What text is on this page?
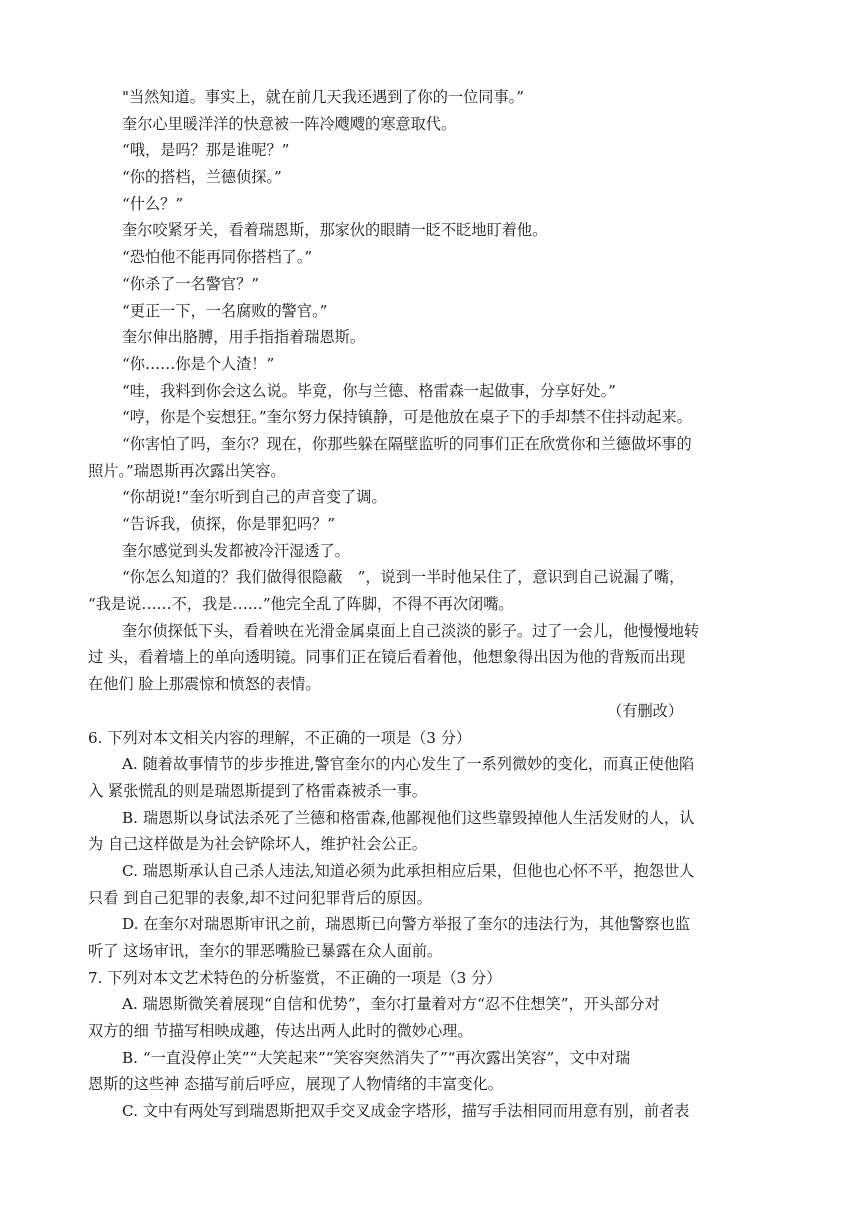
"当然知道。事实上，就在前几天我还遇到了你的一位同事。”
奎尔心里暖洋洋的快意被一阵冷飕飕的寒意取代。
“哦，是吗？那是谁呢？”
“你的搭档，兰德侦探。”
“什么？”
奎尔咬紧牙关，看着瑞恩斯，那家伙的眼睛一眨不眨地盯着他。
“恐怕他不能再同你搭档了。”
“你杀了一名警官？”
“更正一下，一名腐败的警官。”
奎尔伸出胳膊，用手指指着瑞恩斯。
“你……你是个人渣！”
“哇，我料到你会这么说。毕竟，你与兰德、格雷森一起做事，分享好处。”
“哼，你是个妄想狂。”奎尔努力保持镇静，可是他放在桌子下的手却禁不住抖动起来。
“你害怕了吗，奎尔？现在，你那些躲在隔壁监听的同事们正在欣赏你和兰德做坏事的
照片。”瑞恩斯再次露出笑容。
“你胡说!”奎尔听到自己的声音变了调。
“告诉我，侦探，你是罪犯吗？”
奎尔感觉到头发都被冷汗湿透了。
“你怎么知道的？我们做得很隐蔽　”，说到一半时他呆住了，意识到自己说漏了嘴，
“我是说……不，我是……”他完全乱了阵脚，不得不再次闭嘴。
奎尔侦探低下头，看着映在光滑金属桌面上自己淡淡的影子。过了一会儿，他慢慢地转
过 头，看着墙上的单向透明镜。同事们正在镜后看着他，他想象得出因为他的背叛而出现
在他们 脸上那震惊和愤怒的表情。
（有删改）
6. 下列对本文相关内容的理解，不正确的一项是（3 分）
A. 随着故事情节的步步推进,警官奎尔的内心发生了一系列微妙的变化，而真正使他陷
入 紧张慌乱的则是瑞恩斯提到了格雷森被杀一事。
B. 瑞恩斯以身试法杀死了兰德和格雷森,他鄙视他们这些靠毁掉他人生活发财的人，认
为 自己这样做是为社会铲除坏人，维护社会公正。
C. 瑞恩斯承认自己杀人违法,知道必须为此承担相应后果，但他也心怀不平，抱怨世人
只看 到自己犯罪的表象,却不过问犯罪背后的原因。
D. 在奎尔对瑞恩斯审讯之前，瑞恩斯已向警方举报了奎尔的违法行为，其他警察也监
听了 这场审讯，奎尔的罪恶嘴脸已暴露在众人面前。
7. 下列对本文艺术特色的分析鉴赏，不正确的一项是（3 分）
A. 瑞恩斯微笑着展现“自信和优势”，奎尔打量着对方“忍不住想笑”，开头部分对
双方的细 节描写相映成趣，传达出两人此时的微妙心理。
B. “一直没停止笑”“大笑起来”“笑容突然消失了”“再次露出笑容”，文中对瑞
恩斯的这些神 态描写前后呼应，展现了人物情绪的丰富变化。
C. 文中有两处写到瑞恩斯把双手交叉成金字塔形，描写手法相同而用意有别，前者表
